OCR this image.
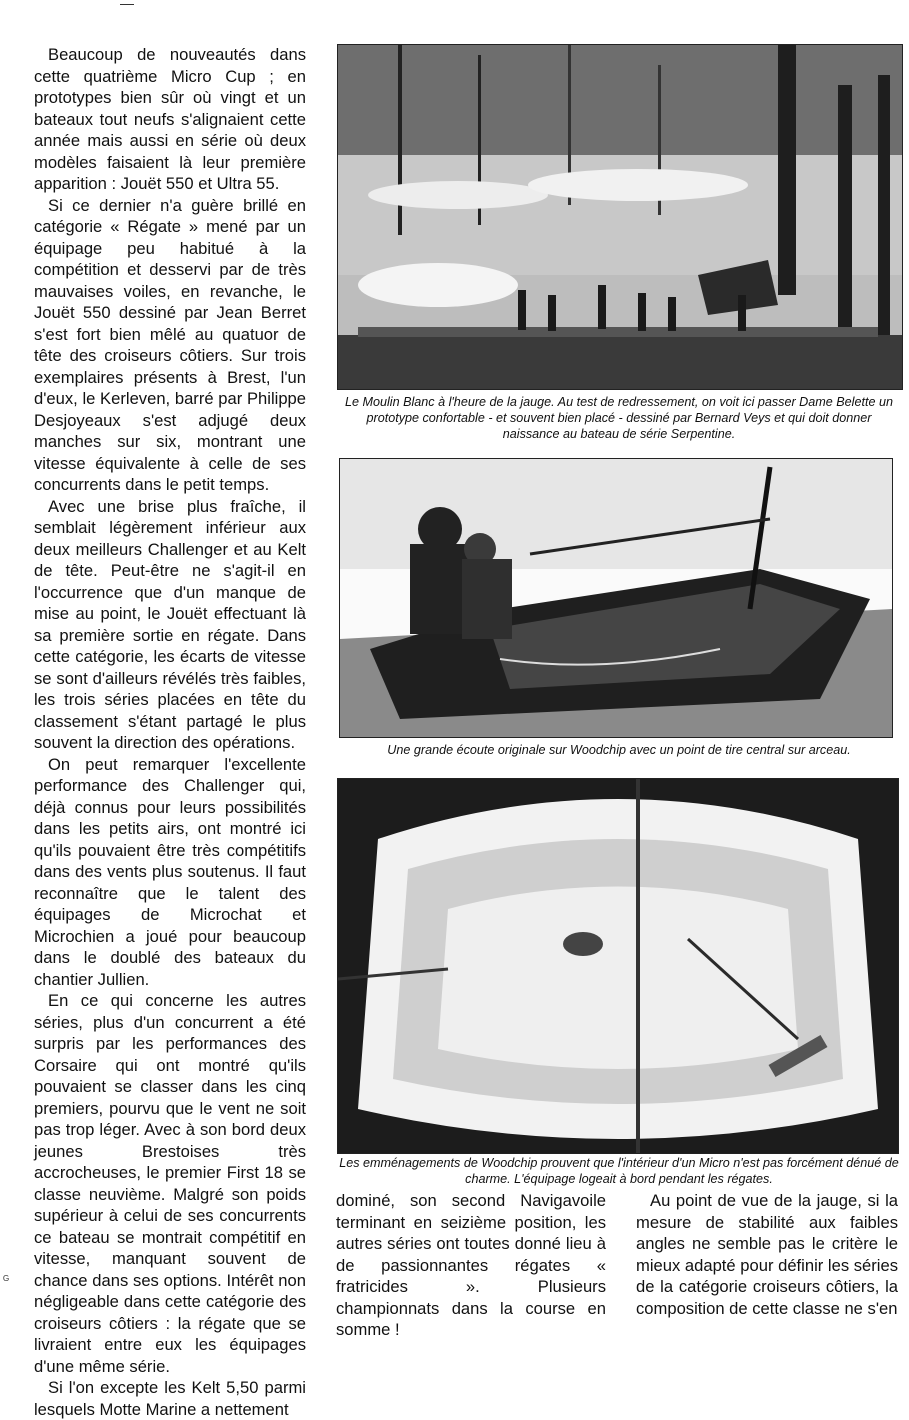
Beaucoup de nouveautés dans cette quatrième Micro Cup ; en prototypes bien sûr où vingt et un bateaux tout neufs s'alignaient cette année mais aussi en série où deux modèles faisaient là leur première apparition : Jouët 550 et Ultra 55.

Si ce dernier n'a guère brillé en catégorie « Régate » mené par un équipage peu habitué à la compétition et desservi par de très mauvaises voiles, en revanche, le Jouët 550 dessiné par Jean Berret s'est fort bien mêlé au quatuor de tête des croiseurs côtiers. Sur trois exemplaires présents à Brest, l'un d'eux, le Kerleven, barré par Philippe Desjoyeaux s'est adjugé deux manches sur six, montrant une vitesse équivalente à celle de ses concurrents dans le petit temps.

Avec une brise plus fraîche, il semblait légèrement inférieur aux deux meilleurs Challenger et au Kelt de tête. Peut-être ne s'agit-il en l'occurrence que d'un manque de mise au point, le Jouët effectuant là sa première sortie en régate. Dans cette catégorie, les écarts de vitesse se sont d'ailleurs révélés très faibles, les trois séries placées en tête du classement s'étant partagé le plus souvent la direction des opérations.

On peut remarquer l'excellente performance des Challenger qui, déjà connus pour leurs possibilités dans les petits airs, ont montré ici qu'ils pouvaient être très compétitifs dans des vents plus soutenus. Il faut reconnaître que le talent des équipages de Microchat et Microchien a joué pour beaucoup dans le doublé des bateaux du chantier Jullien.

En ce qui concerne les autres séries, plus d'un concurrent a été surpris par les performances des Corsaire qui ont montré qu'ils pouvaient se classer dans les cinq premiers, pourvu que le vent ne soit pas trop léger. Avec à son bord deux jeunes Brestoises très accrocheuses, le premier First 18 se classe neuvième. Malgré son poids supérieur à celui de ses concurrents ce bateau se montrait compétitif en vitesse, manquant souvent de chance dans ses options. Intérêt non négligeable dans cette catégorie des croiseurs côtiers : la régate que se livraient entre eux les équipages d'une même série.

Si l'on excepte les Kelt 5,50 parmi lesquels Motte Marine a nettement

Le Moulin Blanc à l'heure de la jauge. Au test de redressement, on voit ici passer Dame Belette un prototype confortable - et souvent bien placé - dessiné par Bernard Veys et qui doit donner naissance au bateau de série Serpentine.
Une grande écoute originale sur Woodchip avec un point de tire central sur arceau.
Les emménagements de Woodchip prouvent que l'intérieur d'un Micro n'est pas forcément dénué de charme. L'équipage logeait à bord pendant les régates.

dominé, son second Navigavoile terminant en seizième position, les autres séries ont toutes donné lieu à de passionnantes régates « fratricides ». Plusieurs championnats dans la course en somme !

Au point de vue de la jauge, si la mesure de stabilité aux faibles angles ne semble pas le critère le mieux adapté pour définir les séries de la catégorie croiseurs côtiers, la composition de cette classe ne s'en

ᴳ
